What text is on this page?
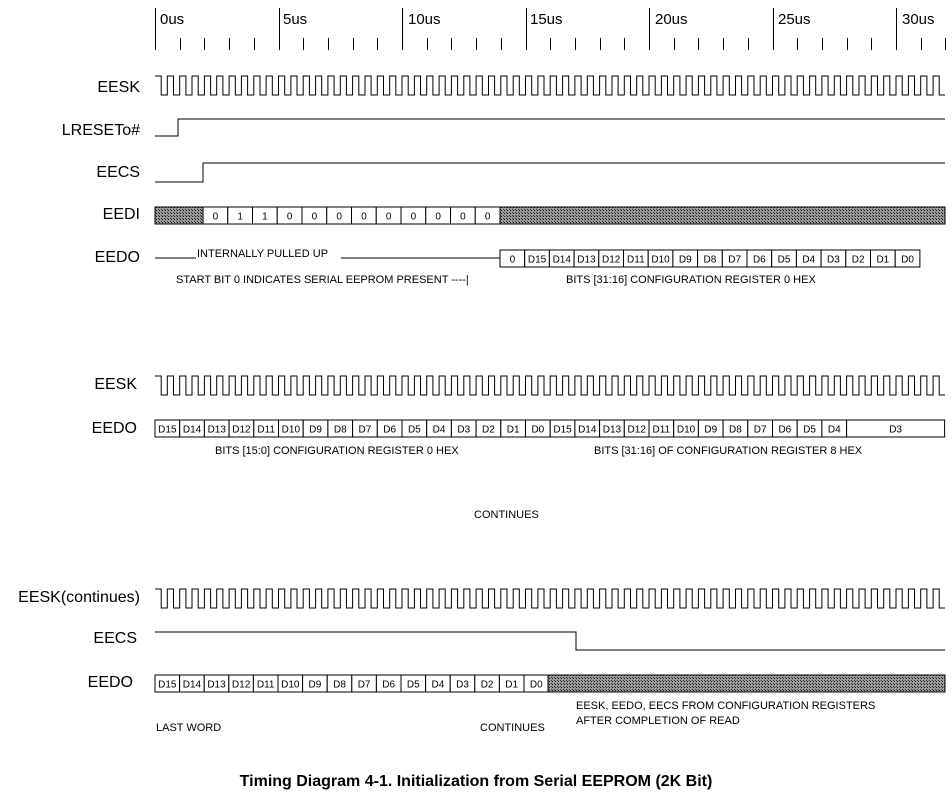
0us	5us	10us	15us	20us	25us	30us
EESK
LRESETo#
EECS
EEDI	0 1 1 0 0 0 0 0 0 0 0 0
EEDO	INTERNALLY PULLED UP	0 D15 D14 D13 D12 D11 D10 D9 D8 D7 D6 D5 D4 D3 D2 D1 D0
START BIT 0 INDICATES SERIAL EEPROM PRESENT ----|	BITS [31:16] CONFIGURATION REGISTER 0 HEX
EESK
EEDO D15 D14 D13 D12 D11 D10 D9 D8 D7 D6 D5 D4 D3 D2 D1 D0 D15 D14 D13 D12 D11 D10 D9 D8 D7 D6 D5 D4	D3
BITS [15:0] CONFIGURATION REGISTER 0 HEX	BITS [31:16] OF CONFIGURATION REGISTER 8 HEX
CONTINUES
EESK(continues)
EECS
EEDO	D15 D14 D13 D12 D11 D10 D9 D8 D7 D6 D5 D4 D3 D2 D1 D0
LAST WORD	CONTINUES
EESK, EEDO, EECS FROM CONFIGURATION REGISTERS
AFTER COMPLETION OF READ
Timing Diagram 4-1. Initialization from Serial EEPROM (2K Bit)
